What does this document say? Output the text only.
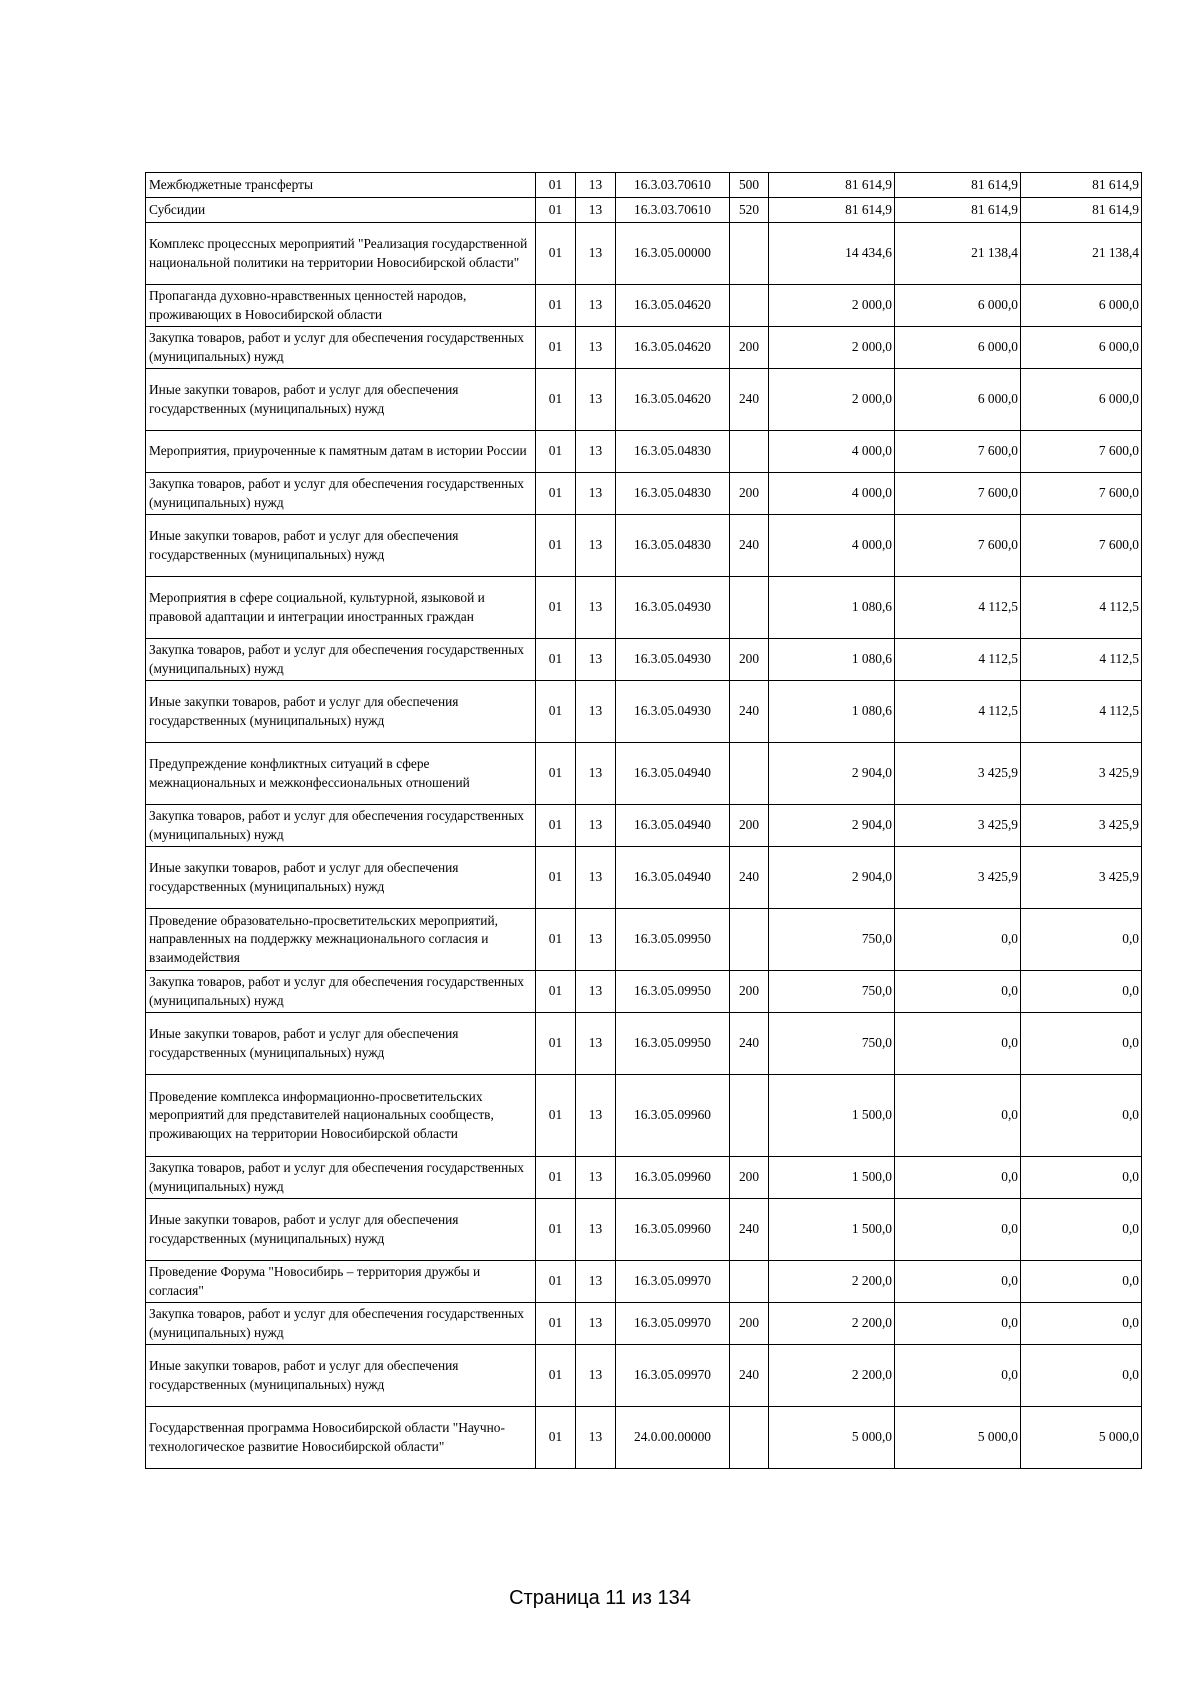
Межбюджетные трансферты	01	13	16.3.03.70610	500	81 614,9	81 614,9	81 614,9
Субсидии	01	13	16.3.03.70610	520	81 614,9	81 614,9	81 614,9
Комплекс процессных мероприятий "Реализация государственной национальной политики на территории Новосибирской области"	01	13	16.3.05.00000		14 434,6	21 138,4	21 138,4
Пропаганда духовно-нравственных ценностей народов, проживающих в Новосибирской области	01	13	16.3.05.04620		2 000,0	6 000,0	6 000,0
Закупка товаров, работ и услуг для обеспечения государственных (муниципальных) нужд	01	13	16.3.05.04620	200	2 000,0	6 000,0	6 000,0
Иные закупки товаров, работ и услуг для обеспечения государственных (муниципальных) нужд	01	13	16.3.05.04620	240	2 000,0	6 000,0	6 000,0
Мероприятия, приуроченные к памятным датам в истории России	01	13	16.3.05.04830		4 000,0	7 600,0	7 600,0
Закупка товаров, работ и услуг для обеспечения государственных (муниципальных) нужд	01	13	16.3.05.04830	200	4 000,0	7 600,0	7 600,0
Иные закупки товаров, работ и услуг для обеспечения государственных (муниципальных) нужд	01	13	16.3.05.04830	240	4 000,0	7 600,0	7 600,0
Мероприятия в сфере социальной, культурной, языковой и правовой адаптации и интеграции иностранных граждан	01	13	16.3.05.04930		1 080,6	4 112,5	4 112,5
Закупка товаров, работ и услуг для обеспечения государственных (муниципальных) нужд	01	13	16.3.05.04930	200	1 080,6	4 112,5	4 112,5
Иные закупки товаров, работ и услуг для обеспечения государственных (муниципальных) нужд	01	13	16.3.05.04930	240	1 080,6	4 112,5	4 112,5
Предупреждение конфликтных ситуаций в сфере межнациональных и межконфессиональных отношений	01	13	16.3.05.04940		2 904,0	3 425,9	3 425,9
Закупка товаров, работ и услуг для обеспечения государственных (муниципальных) нужд	01	13	16.3.05.04940	200	2 904,0	3 425,9	3 425,9
Иные закупки товаров, работ и услуг для обеспечения государственных (муниципальных) нужд	01	13	16.3.05.04940	240	2 904,0	3 425,9	3 425,9
Проведение образовательно-просветительских мероприятий, направленных на поддержку межнационального согласия и взаимодействия	01	13	16.3.05.09950		750,0	0,0	0,0
Закупка товаров, работ и услуг для обеспечения государственных (муниципальных) нужд	01	13	16.3.05.09950	200	750,0	0,0	0,0
Иные закупки товаров, работ и услуг для обеспечения государственных (муниципальных) нужд	01	13	16.3.05.09950	240	750,0	0,0	0,0
Проведение комплекса информационно-просветительских мероприятий для представителей национальных сообществ, проживающих на территории Новосибирской области	01	13	16.3.05.09960		1 500,0	0,0	0,0
Закупка товаров, работ и услуг для обеспечения государственных (муниципальных) нужд	01	13	16.3.05.09960	200	1 500,0	0,0	0,0
Иные закупки товаров, работ и услуг для обеспечения государственных (муниципальных) нужд	01	13	16.3.05.09960	240	1 500,0	0,0	0,0
Проведение Форума "Новосибирь – территория дружбы и согласия"	01	13	16.3.05.09970		2 200,0	0,0	0,0
Закупка товаров, работ и услуг для обеспечения государственных (муниципальных) нужд	01	13	16.3.05.09970	200	2 200,0	0,0	0,0
Иные закупки товаров, работ и услуг для обеспечения государственных (муниципальных) нужд	01	13	16.3.05.09970	240	2 200,0	0,0	0,0
Государственная программа Новосибирской области "Научно-технологическое развитие Новосибирской области"	01	13	24.0.00.00000		5 000,0	5 000,0	5 000,0
Страница 11 из 134
